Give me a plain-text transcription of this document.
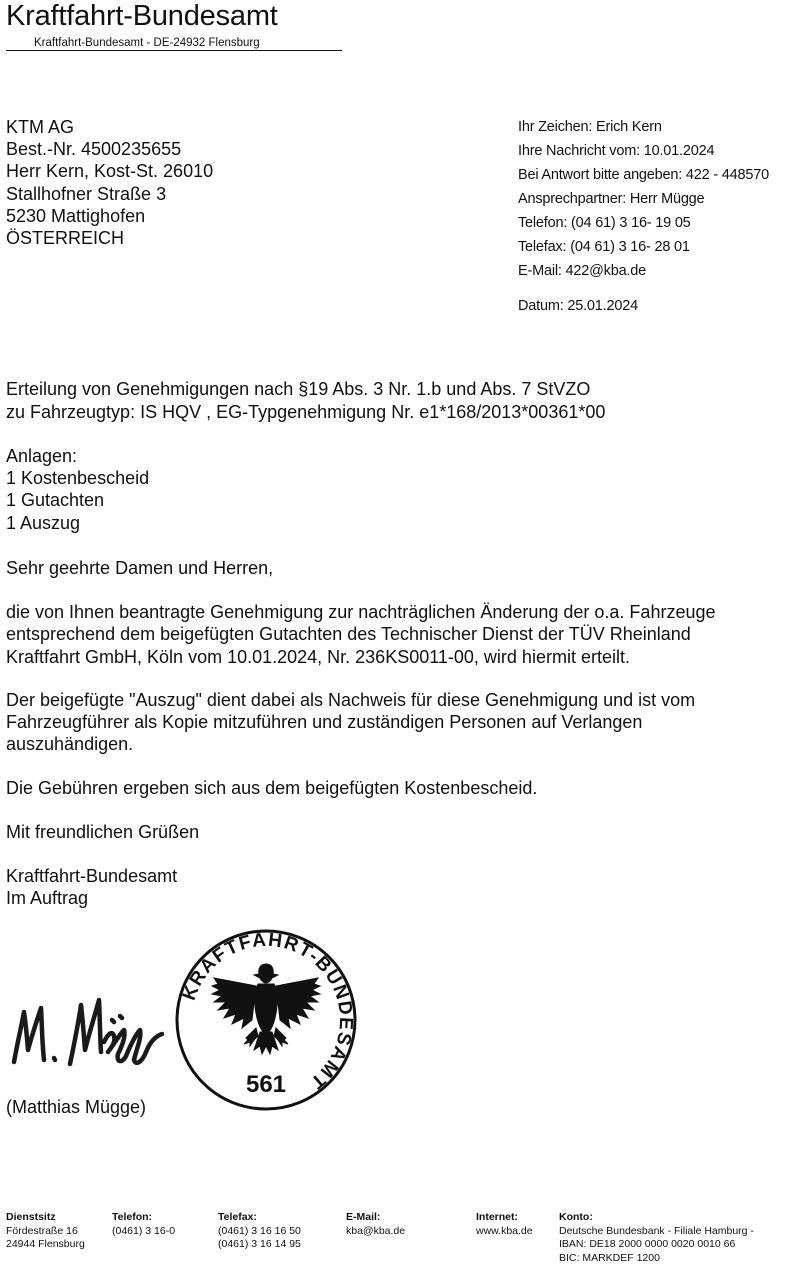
Kraftfahrt-Bundesamt
Kraftfahrt-Bundesamt - DE-24932 Flensburg
KTM AG
Best.-Nr. 4500235655
Herr Kern, Kost-St. 26010
Stallhofner Straße 3
5230 Mattighofen
ÖSTERREICH
Ihr Zeichen: Erich Kern
Ihre Nachricht vom: 10.01.2024
Bei Antwort bitte angeben: 422 - 448570
Ansprechpartner: Herr Mügge
Telefon: (04 61) 3 16- 19 05
Telefax: (04 61) 3 16- 28 01
E-Mail: 422@kba.de
Datum: 25.01.2024
Erteilung von Genehmigungen nach §19 Abs. 3 Nr. 1.b und Abs. 7 StVZO
zu Fahrzeugtyp: IS HQV , EG-Typgenehmigung Nr. e1*168/2013*00361*00
Anlagen:
1 Kostenbescheid
1 Gutachten
1 Auszug
Sehr geehrte Damen und Herren,
die von Ihnen beantragte Genehmigung zur nachträglichen Änderung der o.a. Fahrzeuge
entsprechend dem beigefügten Gutachten des Technischer Dienst der TÜV Rheinland
Kraftfahrt GmbH, Köln vom 10.01.2024, Nr. 236KS0011-00, wird hiermit erteilt.
Der beigefügte "Auszug" dient dabei als Nachweis für diese Genehmigung und ist vom
Fahrzeugführer als Kopie mitzuführen und zuständigen Personen auf Verlangen
auszuhändigen.
Die Gebühren ergeben sich aus dem beigefügten Kostenbescheid.
Mit freundlichen Grüßen
Kraftfahrt-Bundesamt
Im Auftrag
KRAFTFAHRT-BUNDESAMT
561
(Matthias Mügge)
Dienstsitz
Fördestraße 16
24944 Flensburg
Telefon:
(0461) 3 16-0
Telefax:
(0461) 3 16 16 50
(0461) 3 16 14 95
E-Mail:
kba@kba.de
Internet:
www.kba.de
Konto:
Deutsche Bundesbank - Filiale Hamburg -
IBAN: DE18 2000 0000 0020 0010 66
BIC: MARKDEF 1200
